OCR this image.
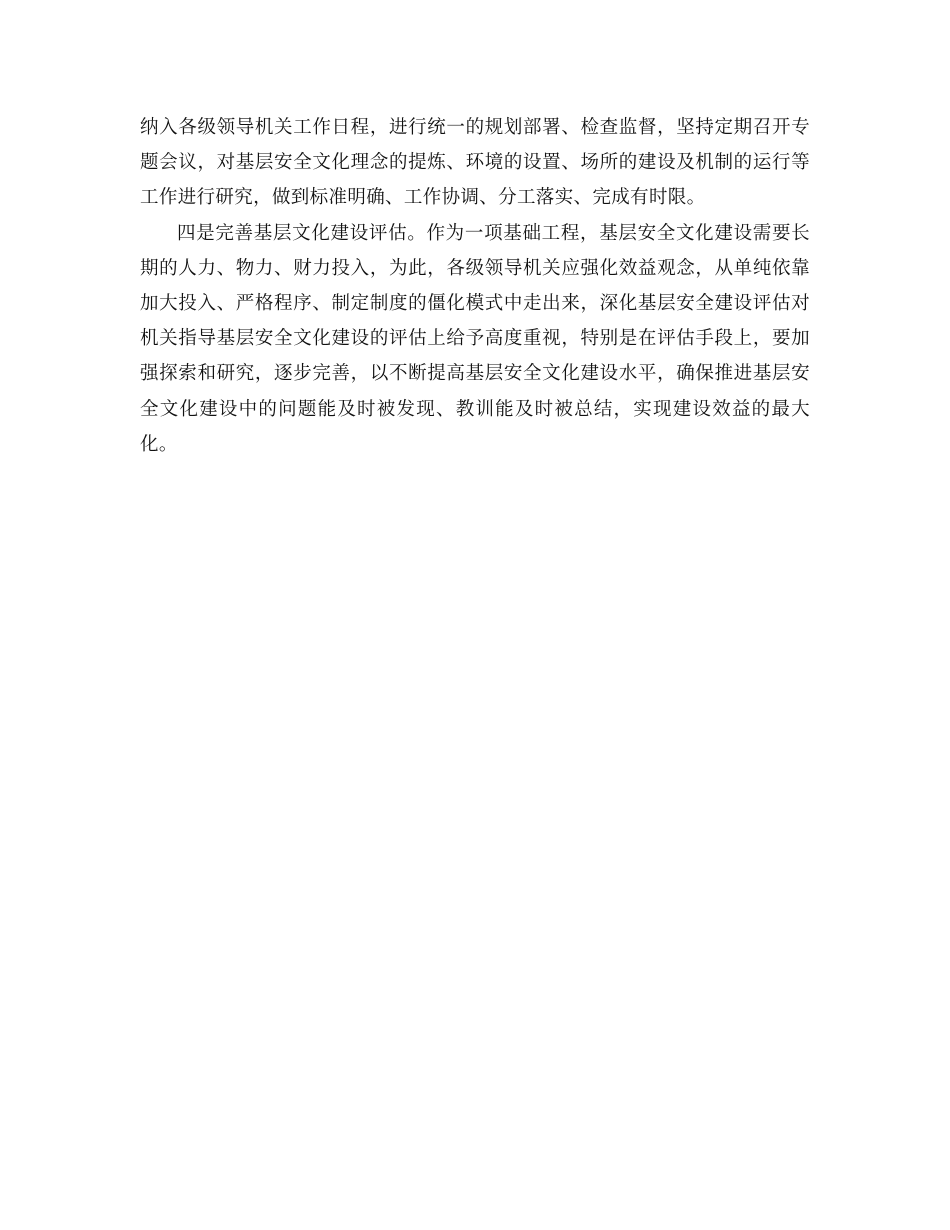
纳入各级领导机关工作日程，进行统一的规划部署、检查监督，坚持定期召开专题会议，对基层安全文化理念的提炼、环境的设置、场所的建设及机制的运行等工作进行研究，做到标准明确、工作协调、分工落实、完成有时限。

四是完善基层文化建设评估。作为一项基础工程，基层安全文化建设需要长期的人力、物力、财力投入，为此，各级领导机关应强化效益观念，从单纯依靠加大投入、严格程序、制定制度的僵化模式中走出来，深化基层安全建设评估对机关指导基层安全文化建设的评估上给予高度重视，特别是在评估手段上，要加强探索和研究，逐步完善，以不断提高基层安全文化建设水平，确保推进基层安全文化建设中的问题能及时被发现、教训能及时被总结，实现建设效益的最大化。
